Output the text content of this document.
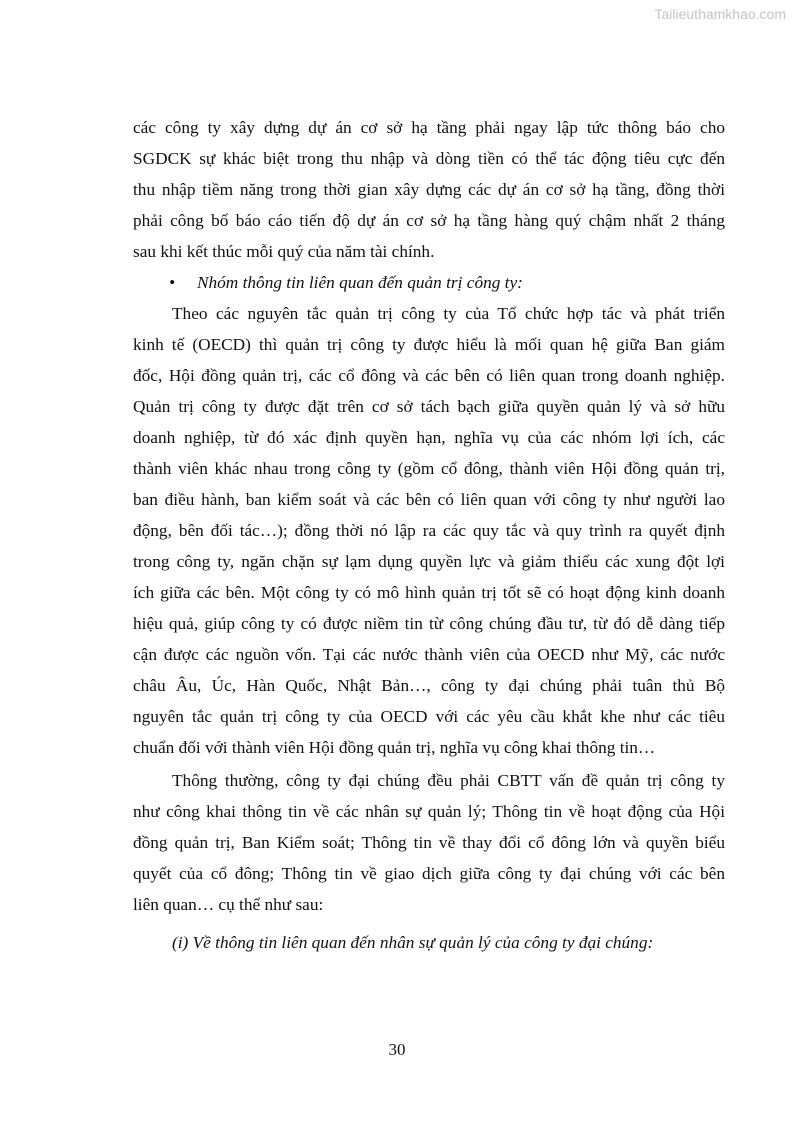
Tailieuthamkhao.com
các công ty xây dựng dự án cơ sở hạ tầng phải ngay lập tức thông báo cho
SGDCK sự khác biệt trong thu nhập và dòng tiền có thể tác động tiêu cực đến
thu nhập tiềm năng trong thời gian xây dựng các dự án cơ sở hạ tầng, đồng thời
phải công bố báo cáo tiến độ dự án cơ sở hạ tầng hàng quý chậm nhất 2 tháng
sau khi kết thúc mỗi quý của năm tài chính.
• Nhóm thông tin liên quan đến quản trị công ty:
Theo các nguyên tắc quản trị công ty của Tổ chức hợp tác và phát triển
kinh tế (OECD) thì quản trị công ty được hiểu là mối quan hệ giữa Ban giám
đốc, Hội đồng quản trị, các cổ đông và các bên có liên quan trong doanh nghiệp.
Quản trị công ty được đặt trên cơ sở tách bạch giữa quyền quản lý và sở hữu
doanh nghiệp, từ đó xác định quyền hạn, nghĩa vụ của các nhóm lợi ích, các
thành viên khác nhau trong công ty (gồm cổ đông, thành viên Hội đồng quản trị,
ban điều hành, ban kiểm soát và các bên có liên quan với công ty như người lao
động, bên đối tác…); đồng thời nó lập ra các quy tắc và quy trình ra quyết định
trong công ty, ngăn chặn sự lạm dụng quyền lực và giảm thiểu các xung đột lợi
ích giữa các bên. Một công ty có mô hình quản trị tốt sẽ có hoạt động kinh doanh
hiệu quả, giúp công ty có được niềm tin từ công chúng đầu tư, từ đó dễ dàng tiếp
cận được các nguồn vốn. Tại các nước thành viên của OECD như Mỹ, các nước
châu Âu, Úc, Hàn Quốc, Nhật Bản…, công ty đại chúng phải tuân thủ Bộ
nguyên tắc quản trị công ty của OECD với các yêu cầu khắt khe như các tiêu
chuẩn đối với thành viên Hội đồng quản trị, nghĩa vụ công khai thông tin…
Thông thường, công ty đại chúng đều phải CBTT vấn đề quản trị công ty
như công khai thông tin về các nhân sự quản lý; Thông tin về hoạt động của Hội
đồng quản trị, Ban Kiểm soát; Thông tin về thay đổi cổ đông lớn và quyền biểu
quyết của cổ đông; Thông tin về giao dịch giữa công ty đại chúng với các bên
liên quan… cụ thể như sau:
(i) Về thông tin liên quan đến nhân sự quản lý của công ty đại chúng:
30
